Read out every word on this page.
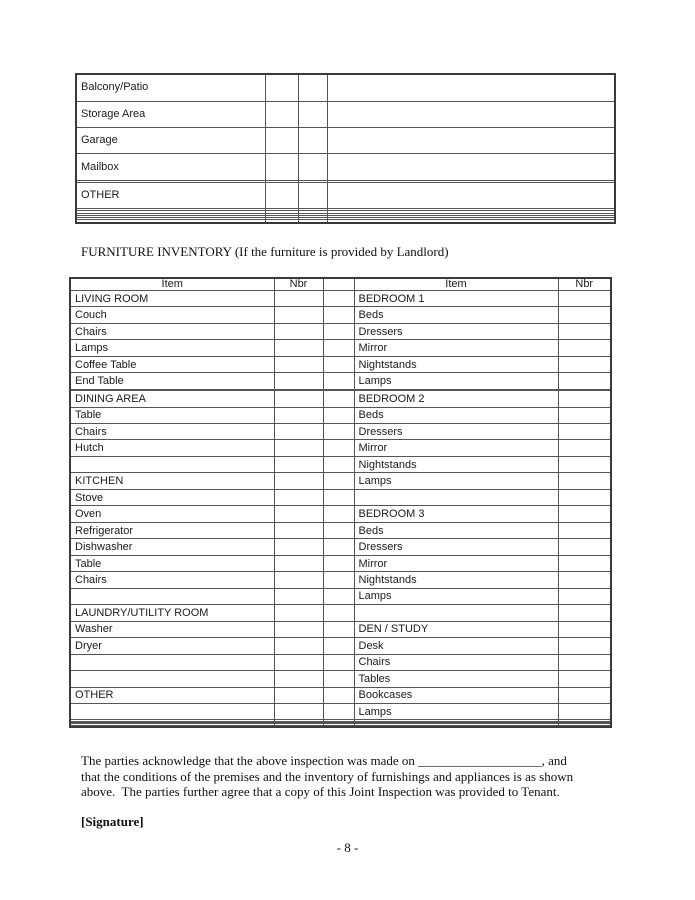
Balcony/Patio			
Storage Area			
Garage			
Mailbox			

OTHER			

FURNITURE INVENTORY (If the furniture is provided by Landlord)
Item	Nbr		Item	Nbr
LIVING ROOM			BEDROOM 1	
Couch			Beds	
Chairs			Dressers	
Lamps			Mirror	
Coffee Table			Nightstands	
End Table			Lamps	

DINING AREA			BEDROOM 2	
Table			Beds	
Chairs			Dressers	
Hutch			Mirror	
			Nightstands	
KITCHEN			Lamps	
Stove				
Oven			BEDROOM 3	
Refrigerator			Beds	
Dishwasher			Dressers	
Table			Mirror	
Chairs			Nightstands	
			Lamps	
LAUNDRY/UTILITY ROOM				
Washer			DEN / STUDY	
Dryer			Desk	
			Chairs	
			Tables	
OTHER			Bookcases	
			Lamps	

The parties acknowledge that the above inspection was made on ___________________, and
that the conditions of the premises and the inventory of furnishings and appliances is as shown
above.  The parties further agree that a copy of this Joint Inspection was provided to Tenant.
[Signature]
- 8 -
